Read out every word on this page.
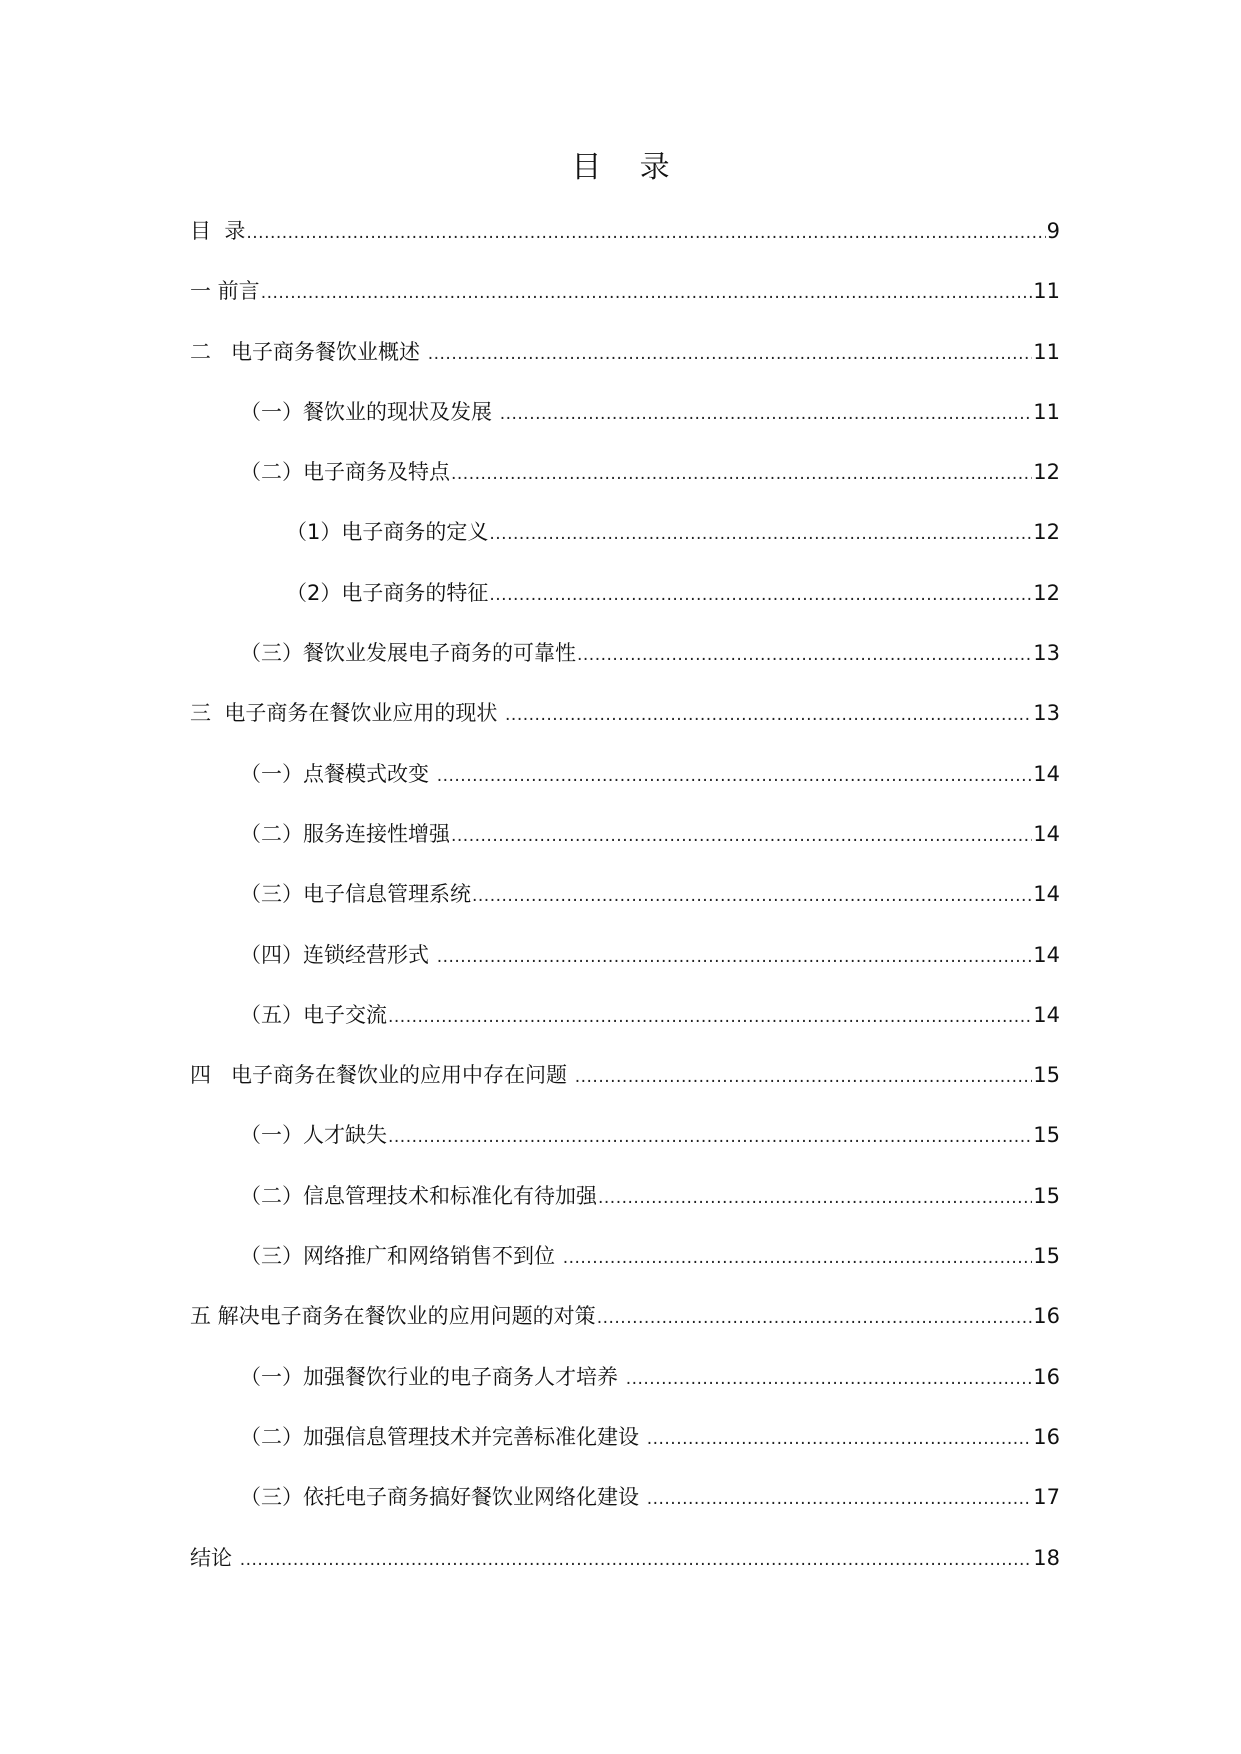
目    录
目  录 .....	9
一 前言 .....	11
二   电子商务餐饮业概述 .....	11
（一）餐饮业的现状及发展 .....	11
（二）电子商务及特点 .....	12
（1）电子商务的定义 .....	12
（2）电子商务的特征 .....	12
（三）餐饮业发展电子商务的可靠性 .....	13
三  电子商务在餐饮业应用的现状 .....	13
（一）点餐模式改变 .....	14
（二）服务连接性增强 .....	14
（三）电子信息管理系统 .....	14
（四）连锁经营形式 .....	14
（五）电子交流 .....	14
四   电子商务在餐饮业的应用中存在问题 .....	15
（一）人才缺失 .....	15
（二）信息管理技术和标准化有待加强 .....	15
（三）网络推广和网络销售不到位 .....	15
五 解决电子商务在餐饮业的应用问题的对策 .....	16
（一）加强餐饮行业的电子商务人才培养 .....	16
（二）加强信息管理技术并完善标准化建设 .....	16
（三）依托电子商务搞好餐饮业网络化建设 .....	17
结论 .....	18
